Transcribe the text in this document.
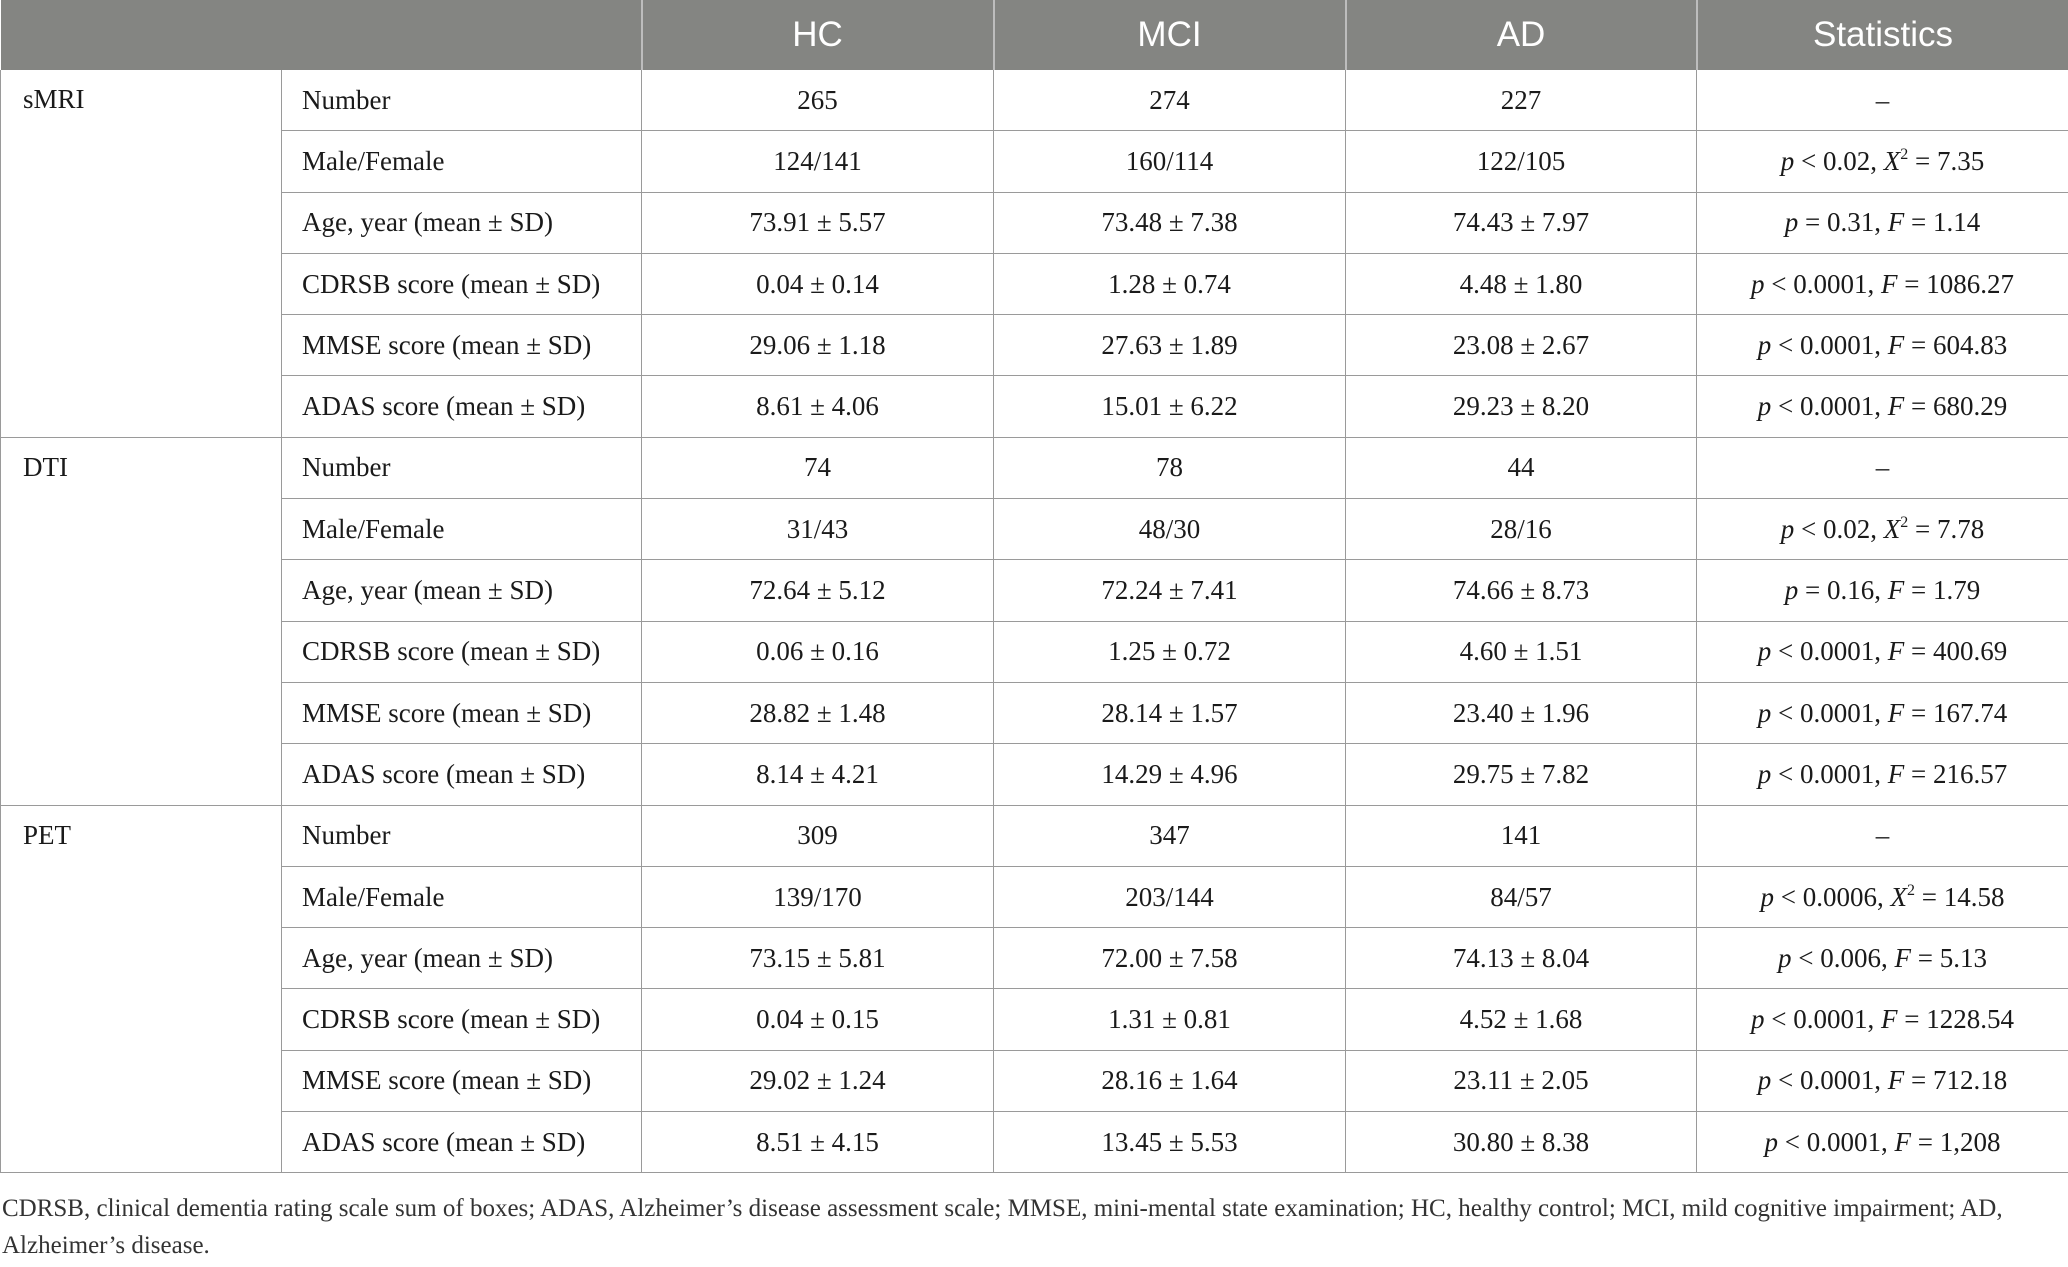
		HC	MCI	AD	Statistics
sMRI	Number	265	274	227	–
	Male/Female	124/141	160/114	122/105	p < 0.02, $X^2 = 7.35$
	Age, year (mean ± SD)	73.91 ± 5.57	73.48 ± 7.38	74.43 ± 7.97	p = 0.31, F = 1.14
	CDRSB score (mean ± SD)	0.04 ± 0.14	1.28 ± 0.74	4.48 ± 1.80	p < 0.0001, F = 1086.27
	MMSE score (mean ± SD)	29.06 ± 1.18	27.63 ± 1.89	23.08 ± 2.67	p < 0.0001, F = 604.83
	ADAS score (mean ± SD)	8.61 ± 4.06	15.01 ± 6.22	29.23 ± 8.20	p < 0.0001, F = 680.29
DTI	Number	74	78	44	–
	Male/Female	31/43	48/30	28/16	p < 0.02, $X^2 = 7.78$
	Age, year (mean ± SD)	72.64 ± 5.12	72.24 ± 7.41	74.66 ± 8.73	p = 0.16, F = 1.79
	CDRSB score (mean ± SD)	0.06 ± 0.16	1.25 ± 0.72	4.60 ± 1.51	p < 0.0001, F = 400.69
	MMSE score (mean ± SD)	28.82 ± 1.48	28.14 ± 1.57	23.40 ± 1.96	p < 0.0001, F = 167.74
	ADAS score (mean ± SD)	8.14 ± 4.21	14.29 ± 4.96	29.75 ± 7.82	p < 0.0001, F = 216.57
PET	Number	309	347	141	–
	Male/Female	139/170	203/144	84/57	p < 0.0006, $X^2 = 14.58$
	Age, year (mean ± SD)	73.15 ± 5.81	72.00 ± 7.58	74.13 ± 8.04	p < 0.006, F = 5.13
	CDRSB score (mean ± SD)	0.04 ± 0.15	1.31 ± 0.81	4.52 ± 1.68	p < 0.0001, F = 1228.54
	MMSE score (mean ± SD)	29.02 ± 1.24	28.16 ± 1.64	23.11 ± 2.05	p < 0.0001, F = 712.18
	ADAS score (mean ± SD)	8.51 ± 4.15	13.45 ± 5.53	30.80 ± 8.38	p < 0.0001, F = 1,208
CDRSB, clinical dementia rating scale sum of boxes; ADAS, Alzheimer’s disease assessment scale; MMSE, mini-mental state examination; HC, healthy control; MCI, mild cognitive impairment; AD, Alzheimer’s disease.
